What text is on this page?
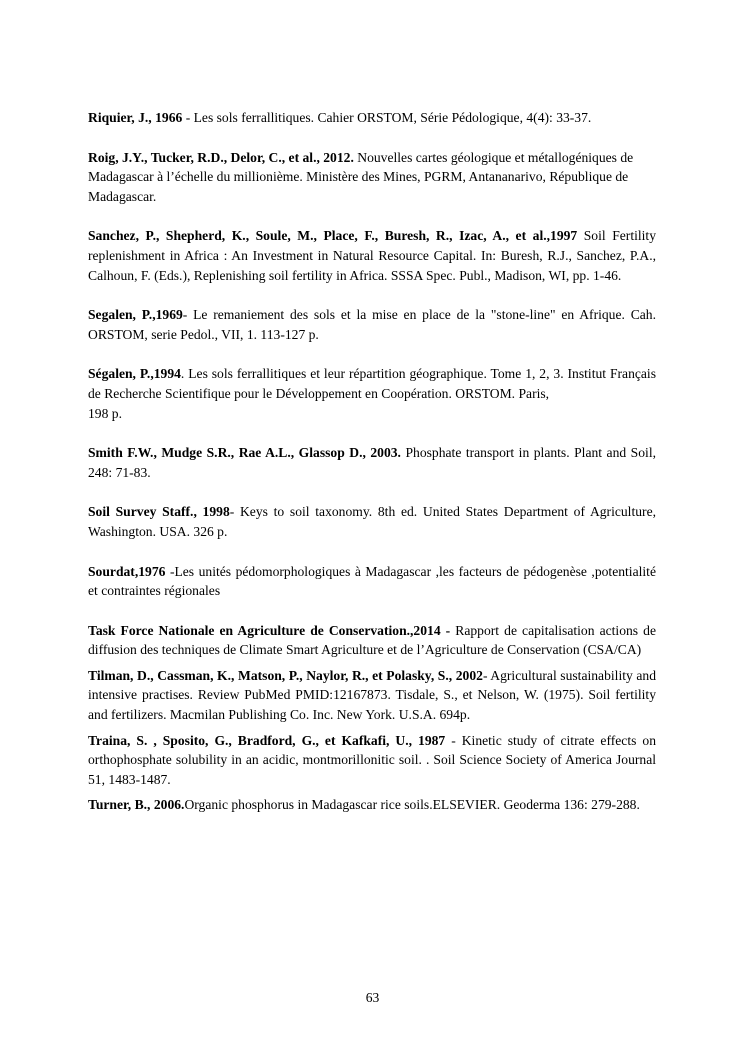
Riquier, J., 1966 - Les sols ferrallitiques. Cahier ORSTOM, Série Pédologique, 4(4): 33-37.

Roig, J.Y., Tucker, R.D., Delor, C., et al., 2012. Nouvelles cartes géologique et métallogéniques de Madagascar à l’échelle du millionième. Ministère des Mines, PGRM, Antananarivo, République de Madagascar.

Sanchez, P., Shepherd, K., Soule, M., Place, F., Buresh, R., Izac, A., et al.,1997 Soil Fertility replenishment in Africa : An Investment in Natural Resource Capital. In: Buresh, R.J., Sanchez, P.A., Calhoun, F. (Eds.), Replenishing soil fertility in Africa. SSSA Spec. Publ., Madison, WI, pp. 1-46.

Segalen, P.,1969- Le remaniement des sols et la mise en place de la "stone-line" en Afrique. Cah. ORSTOM, serie Pedol., VII, 1. 113-127 p.

Ségalen, P.,1994. Les sols ferrallitiques et leur répartition géographique. Tome 1, 2, 3. Institut Français de Recherche Scientifique pour le Développement en Coopération. ORSTOM. Paris,
198 p.

Smith F.W., Mudge S.R., Rae A.L., Glassop D., 2003. Phosphate transport in plants. Plant and Soil, 248: 71-83.

Soil Survey Staff., 1998- Keys to soil taxonomy. 8th ed. United States Department of Agriculture, Washington. USA. 326 p.

Sourdat,1976 -Les unités pédomorphologiques à Madagascar ,les facteurs de pédogenèse ,potentialité et contraintes régionales

Task Force Nationale en Agriculture de Conservation.,2014 - Rapport de capitalisation actions de diffusion des techniques de Climate Smart Agriculture et de l’Agriculture de Conservation (CSA/CA)

Tilman, D., Cassman, K., Matson, P., Naylor, R., et Polasky, S., 2002- Agricultural sustainability and intensive practises. Review PubMed PMID:12167873. Tisdale, S., et Nelson, W. (1975). Soil fertility and fertilizers. Macmilan Publishing Co. Inc. New York. U.S.A. 694p.

Traina, S. , Sposito, G., Bradford, G., et Kafkafi, U., 1987 - Kinetic study of citrate effects on orthophosphate solubility in an acidic, montmorillonitic soil. . Soil Science Society of America Journal 51, 1483-1487.

Turner, B., 2006.Organic phosphorus in Madagascar rice soils.ELSEVIER. Geoderma 136: 279-288.

63
